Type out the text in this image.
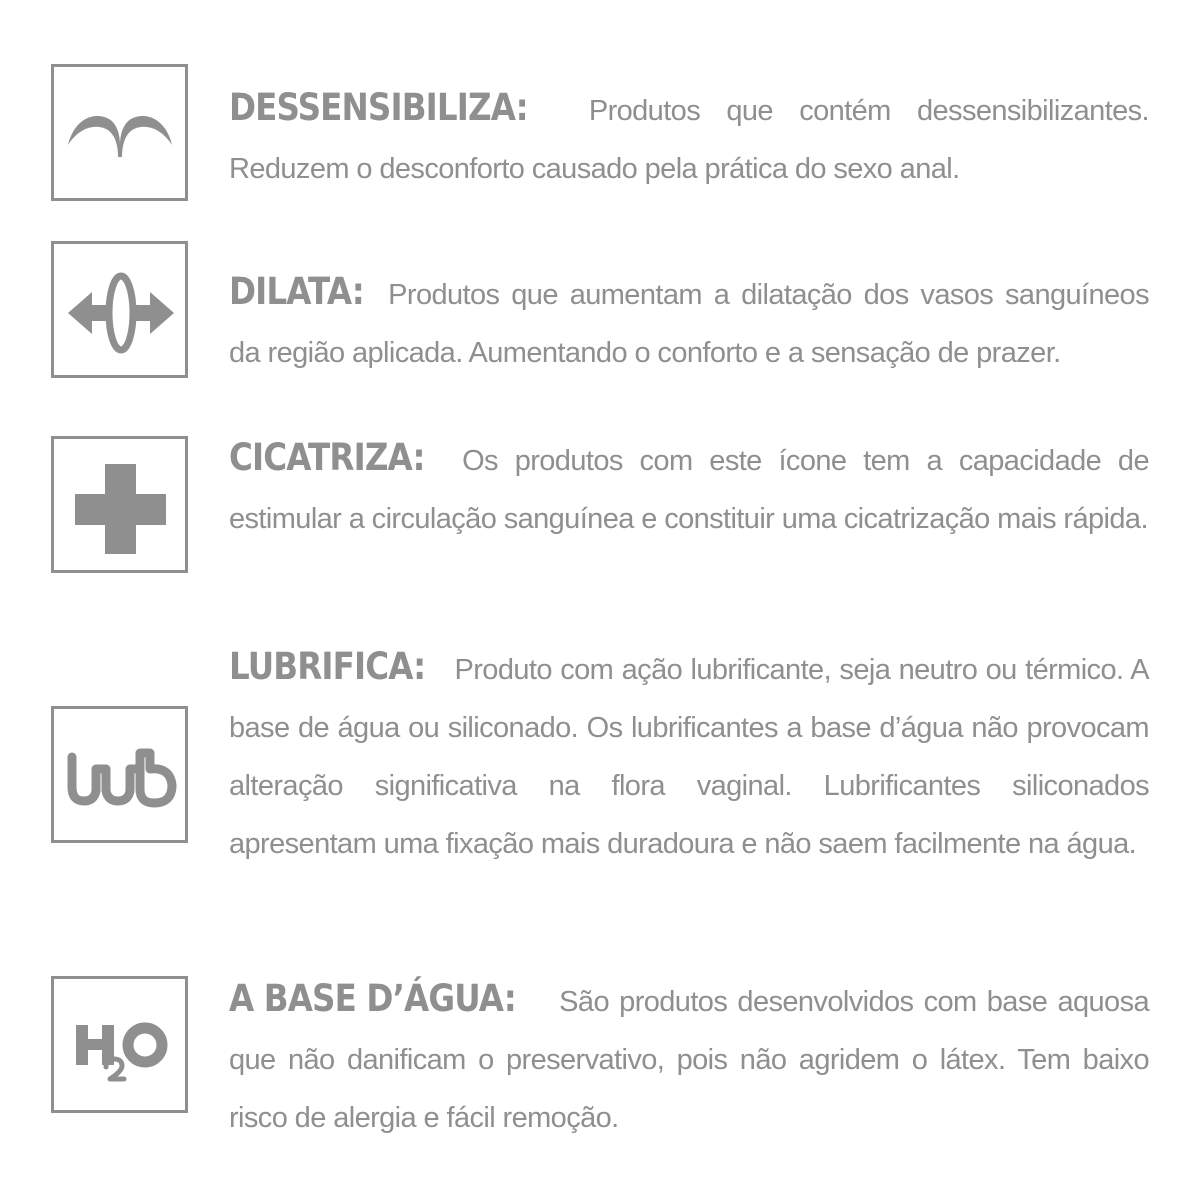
DESSENSIBILIZA: Produtos que contém dessensibilizantes. Reduzem o desconforto causado pela prática do sexo anal.
DILATA: Produtos que aumentam a dilatação dos vasos sanguíneos da região aplicada. Aumentando o conforto e a sensação de prazer.
CICATRIZA: Os produtos com este ícone tem a capacidade de estimular a circulação sanguínea e constituir uma cicatrização mais rápida.
LUBRIFICA: Produto com ação lubrificante, seja neutro ou térmico. A base de água ou siliconado. Os lubrificantes a base d’água não provocam alteração significativa na flora vaginal. Lubrificantes siliconados apresentam uma fixação mais duradoura e não saem facilmente na água.
A BASE D’ÁGUA: São produtos desenvolvidos com base aquosa que não danificam o preservativo, pois não agridem o látex. Tem baixo risco de alergia e fácil remoção.
